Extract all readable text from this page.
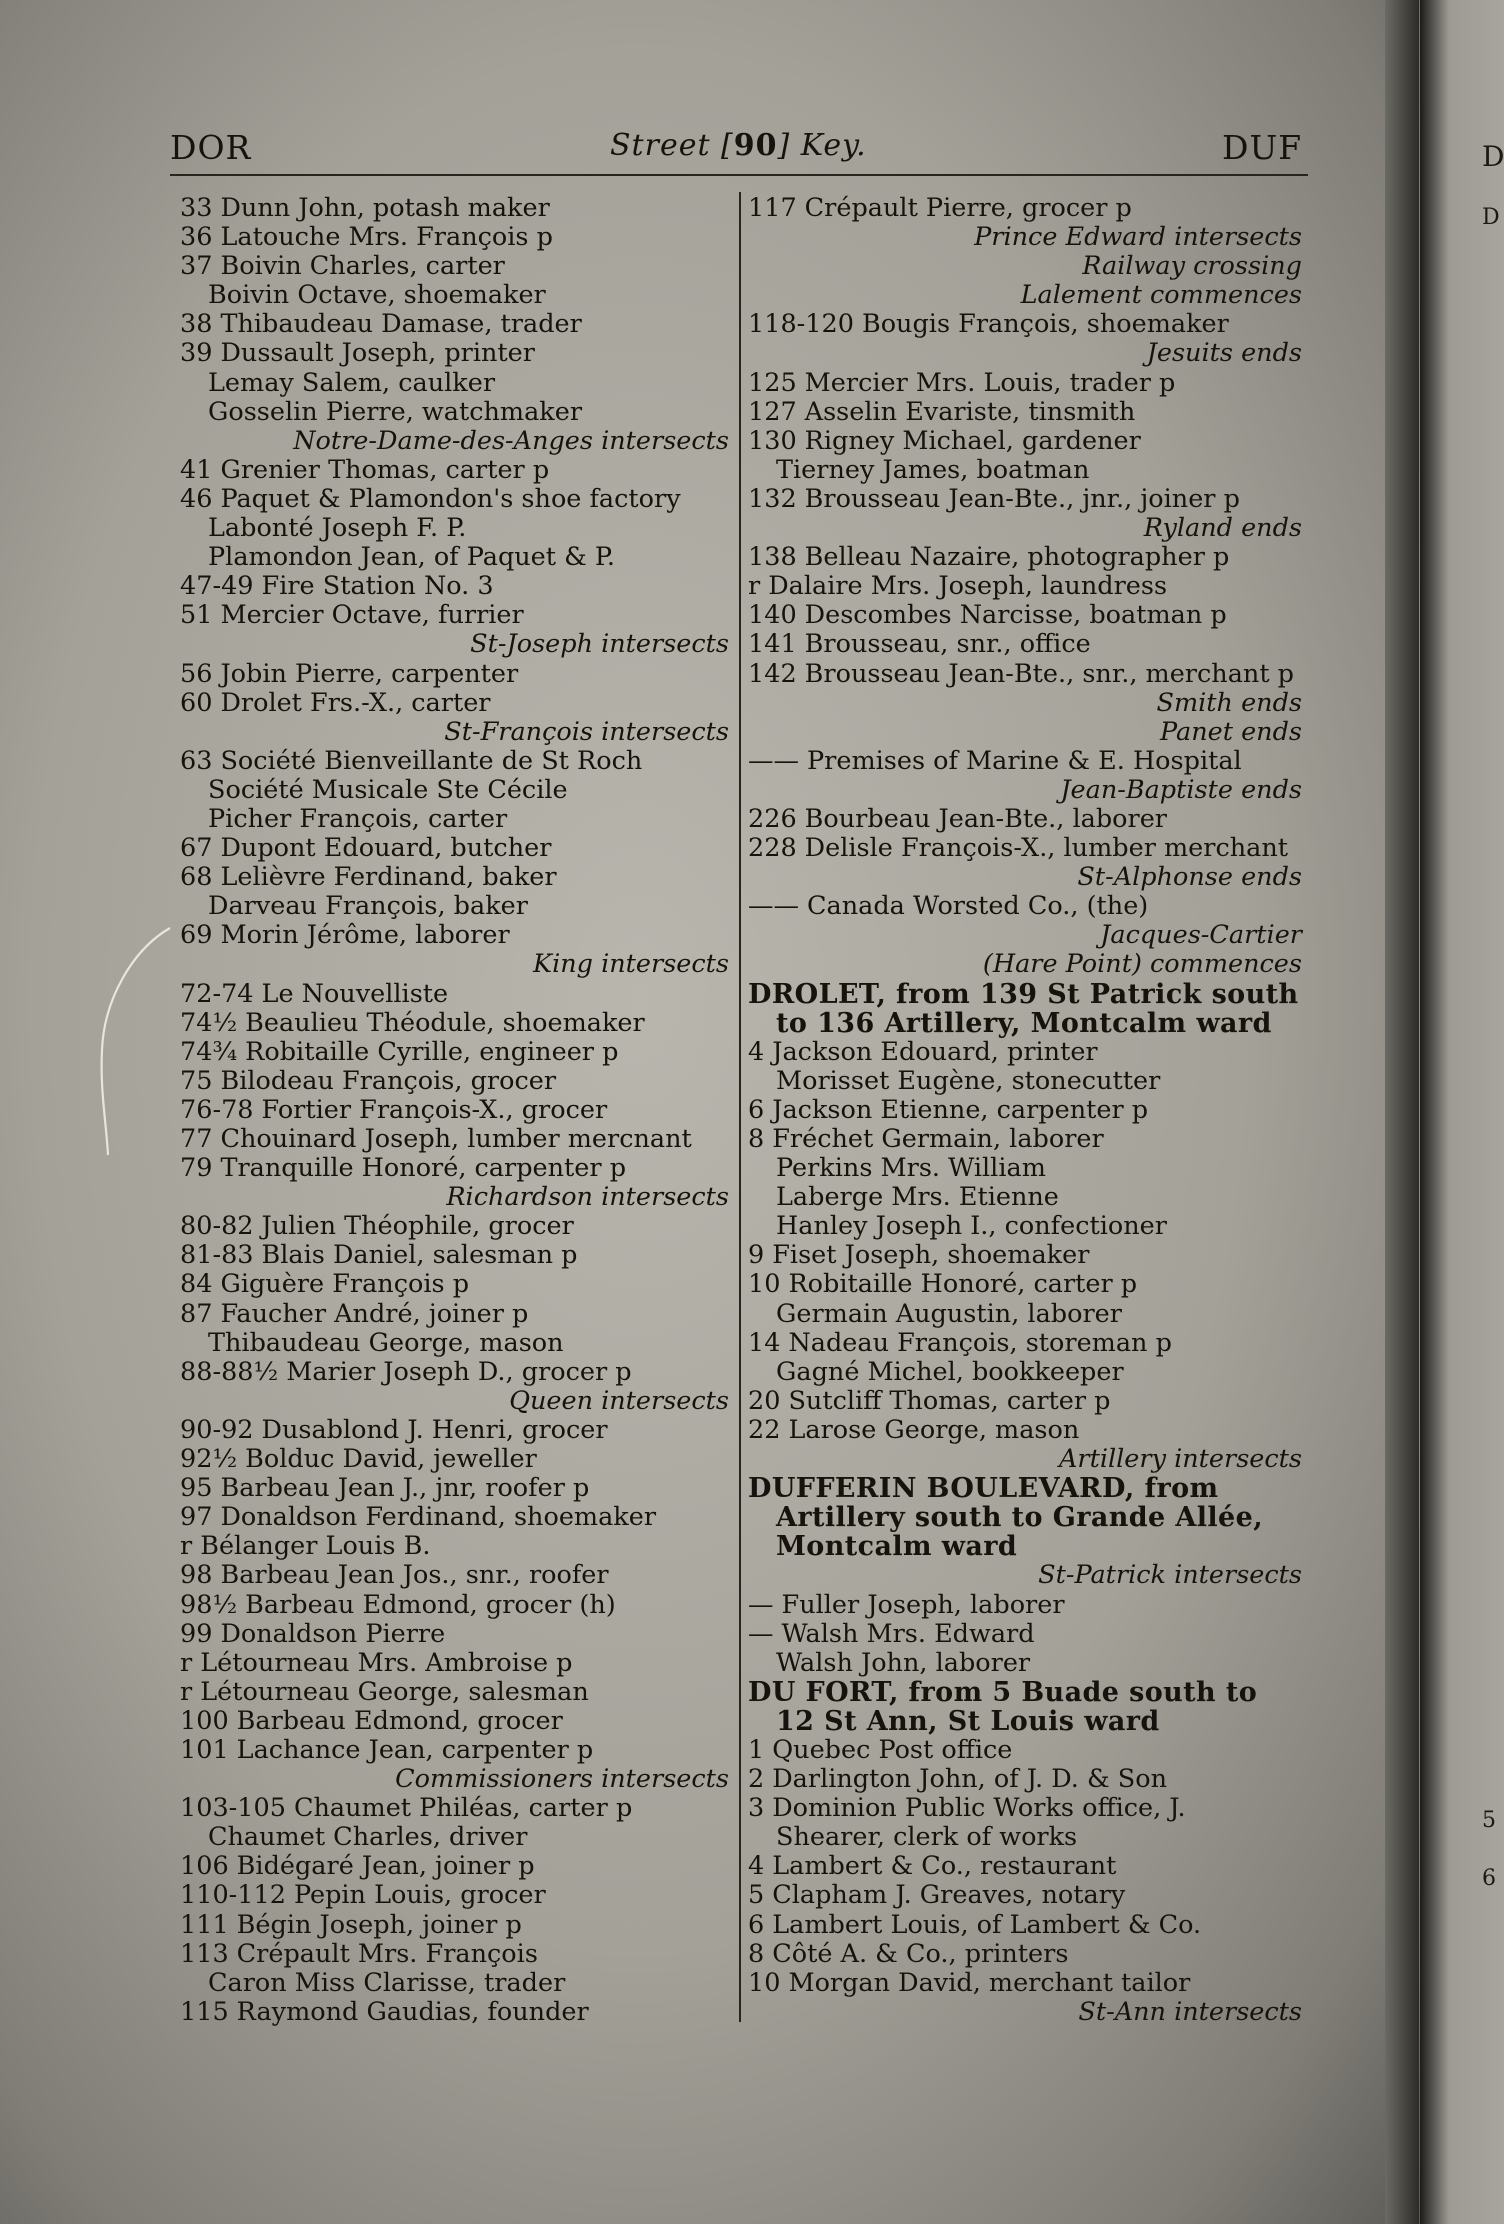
DOR	Street [90] Key.	DUF
33 Dunn John, potash maker
36 Latouche Mrs. François p
37 Boivin Charles, carter
Boivin Octave, shoemaker
38 Thibaudeau Damase, trader
39 Dussault Joseph, printer
Lemay Salem, caulker
Gosselin Pierre, watchmaker
Notre-Dame-des-Anges intersects
41 Grenier Thomas, carter p
46 Paquet & Plamondon's shoe factory
Labonté Joseph F. P.
Plamondon Jean, of Paquet & P.
47-49 Fire Station No. 3
51 Mercier Octave, furrier
St-Joseph intersects
56 Jobin Pierre, carpenter
60 Drolet Frs.-X., carter
St-François intersects
63 Société Bienveillante de St Roch
Société Musicale Ste Cécile
Picher François, carter
67 Dupont Edouard, butcher
68 Lelièvre Ferdinand, baker
Darveau François, baker
69 Morin Jérôme, laborer
King intersects
72-74 Le Nouvelliste
74½ Beaulieu Théodule, shoemaker
74¾ Robitaille Cyrille, engineer p
75 Bilodeau François, grocer
76-78 Fortier François-X., grocer
77 Chouinard Joseph, lumber mercnant
79 Tranquille Honoré, carpenter p
Richardson intersects
80-82 Julien Théophile, grocer
81-83 Blais Daniel, salesman p
84 Giguère François p
87 Faucher André, joiner p
Thibaudeau George, mason
88-88½ Marier Joseph D., grocer p
Queen intersects
90-92 Dusablond J. Henri, grocer
92½ Bolduc David, jeweller
95 Barbeau Jean J., jnr, roofer p
97 Donaldson Ferdinand, shoemaker
r Bélanger Louis B.
98 Barbeau Jean Jos., snr., roofer
98½ Barbeau Edmond, grocer (h)
99 Donaldson Pierre
r Létourneau Mrs. Ambroise p
r Létourneau George, salesman
100 Barbeau Edmond, grocer
101 Lachance Jean, carpenter p
Commissioners intersects
103-105 Chaumet Philéas, carter p
Chaumet Charles, driver
106 Bidégaré Jean, joiner p
110-112 Pepin Louis, grocer
111 Bégin Joseph, joiner p
113 Crépault Mrs. François
Caron Miss Clarisse, trader
115 Raymond Gaudias, founder
117 Crépault Pierre, grocer p
Prince Edward intersects
Railway crossing
Lalement commences
118-120 Bougis François, shoemaker
Jesuits ends
125 Mercier Mrs. Louis, trader p
127 Asselin Evariste, tinsmith
130 Rigney Michael, gardener
Tierney James, boatman
132 Brousseau Jean-Bte., jnr., joiner p
Ryland ends
138 Belleau Nazaire, photographer p
r Dalaire Mrs. Joseph, laundress
140 Descombes Narcisse, boatman p
141 Brousseau, snr., office
142 Brousseau Jean-Bte., snr., merchant p
Smith ends
Panet ends
—— Premises of Marine & E. Hospital
Jean-Baptiste ends
226 Bourbeau Jean-Bte., laborer
228 Delisle François-X., lumber merchant
St-Alphonse ends
—— Canada Worsted Co., (the)
Jacques-Cartier
(Hare Point) commences
DROLET, from 139 St Patrick south
to 136 Artillery, Montcalm ward
4 Jackson Edouard, printer
Morisset Eugène, stonecutter
6 Jackson Etienne, carpenter p
8 Fréchet Germain, laborer
Perkins Mrs. William
Laberge Mrs. Etienne
Hanley Joseph I., confectioner
9 Fiset Joseph, shoemaker
10 Robitaille Honoré, carter p
Germain Augustin, laborer
14 Nadeau François, storeman p
Gagné Michel, bookkeeper
20 Sutcliff Thomas, carter p
22 Larose George, mason
Artillery intersects
DUFFERIN BOULEVARD, from
Artillery south to Grande Allée,
Montcalm ward
St-Patrick intersects
— Fuller Joseph, laborer
— Walsh Mrs. Edward
Walsh John, laborer
DU FORT, from 5 Buade south to
12 St Ann, St Louis ward
1 Quebec Post office
2 Darlington John, of J. D. & Son
3 Dominion Public Works office, J.
Shearer, clerk of works
4 Lambert & Co., restaurant
5 Clapham J. Greaves, notary
6 Lambert Louis, of Lambert & Co.
8 Côté A. & Co., printers
10 Morgan David, merchant tailor
St-Ann intersects
D
D
5
6
